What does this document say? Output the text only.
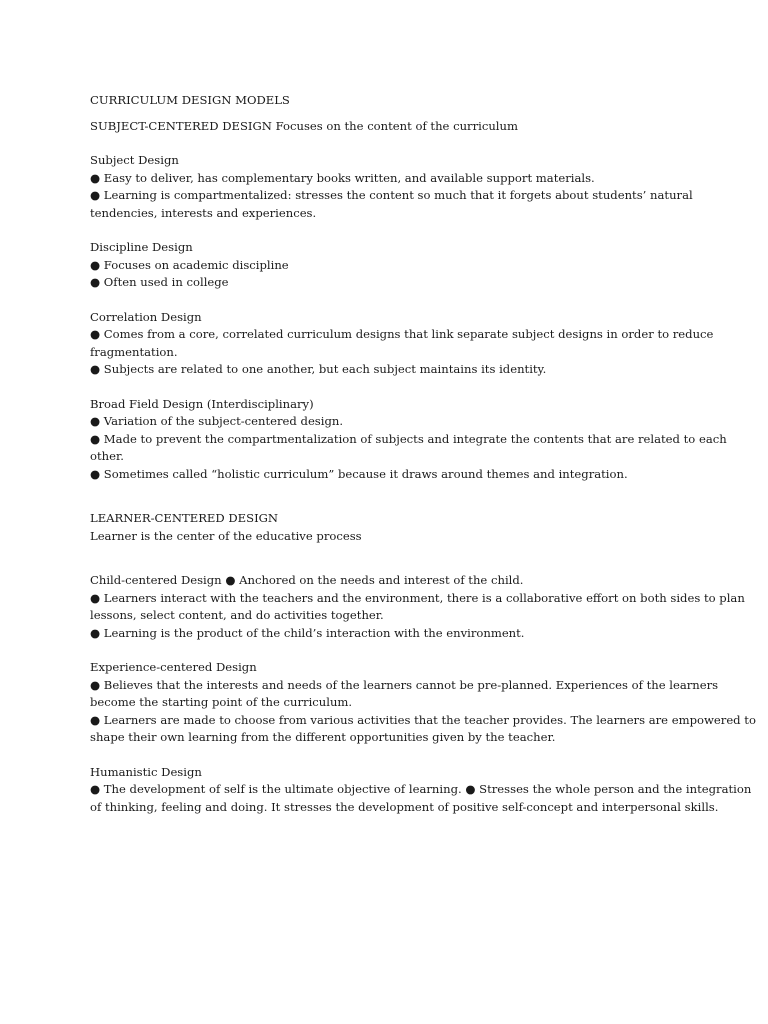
CURRICULUM DESIGN MODELS
SUBJECT-CENTERED DESIGN Focuses on the content of the curriculum
Subject Design
● Easy to deliver, has complementary books written, and available support materials.
● Learning is compartmentalized: stresses the content so much that it forgets about students’ natural
tendencies, interests and experiences.
Discipline Design
● Focuses on academic discipline
● Often used in college
Correlation Design
● Comes from a core, correlated curriculum designs that link separate subject designs in order to reduce
fragmentation.
● Subjects are related to one another, but each subject maintains its identity.
Broad Field Design (Interdisciplinary)
● Variation of the subject-centered design.
● Made to prevent the compartmentalization of subjects and integrate the contents that are related to each
other.
● Sometimes called “holistic curriculum” because it draws around themes and integration.
LEARNER-CENTERED DESIGN
Learner is the center of the educative process
Child-centered Design ● Anchored on the needs and interest of the child.
● Learners interact with the teachers and the environment, there is a collaborative effort on both sides to plan
lessons, select content, and do activities together.
● Learning is the product of the child’s interaction with the environment.
Experience-centered Design
● Believes that the interests and needs of the learners cannot be pre-planned. Experiences of the learners
become the starting point of the curriculum.
● Learners are made to choose from various activities that the teacher provides. The learners are empowered to
shape their own learning from the different opportunities given by the teacher.
Humanistic Design
● The development of self is the ultimate objective of learning. ● Stresses the whole person and the integration
of thinking, feeling and doing. It stresses the development of positive self-concept and interpersonal skills.
